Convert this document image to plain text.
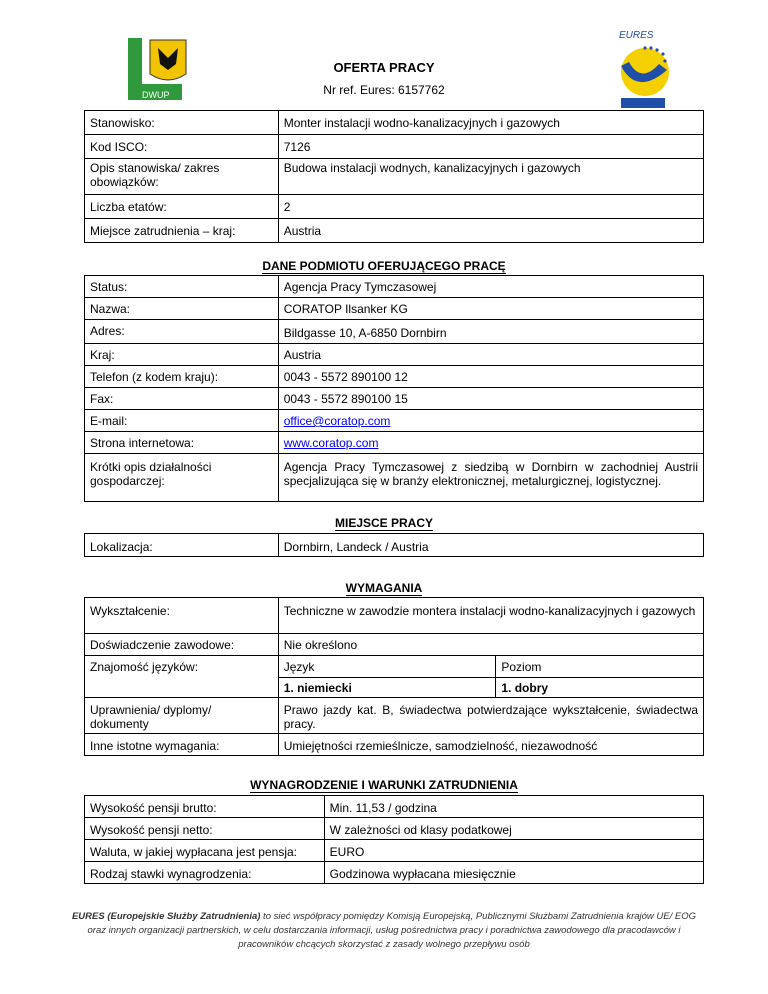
DWUP
EURES
OFERTA PRACY
Nr ref. Eures: 6157762
Stanowisko:	Monter instalacji wodno-kanalizacyjnych i gazowych
Kod ISCO:	7126
Opis stanowiska/ zakres obowiązków:	Budowa instalacji wodnych, kanalizacyjnych i gazowych
Liczba etatów:	2
Miejsce zatrudnienia – kraj:	Austria
DANE PODMIOTU OFERUJĄCEGO PRACĘ
Status:	Agencja Pracy Tymczasowej
Nazwa:	CORATOP Ilsanker KG
Adres:	Bildgasse 10, A-6850 Dornbirn
Kraj:	Austria
Telefon (z kodem kraju):	0043 - 5572 890100 12
Fax:	0043 - 5572 890100 15
E-mail:	office@coratop.com
Strona internetowa:	www.coratop.com
Krótki opis działalności gospodarczej:	Agencja Pracy Tymczasowej z siedzibą w Dornbirn w zachodniej Austrii specjalizująca się w branży elektronicznej, metalurgicznej, logistycznej.
MIEJSCE PRACY
Lokalizacja:	Dornbirn, Landeck / Austria
WYMAGANIA
Wykształcenie:	Techniczne w zawodzie montera instalacji wodno-kanalizacyjnych i gazowych	
Doświadczenie zawodowe:	Nie określono	
Znajomość języków:	Język	Poziom
	1. niemiecki	1. dobry
Uprawnienia/ dyplomy/ dokumenty	Prawo jazdy kat. B, świadectwa potwierdzające wykształcenie, świadectwa pracy.	
Inne istotne wymagania:	Umiejętności rzemieślnicze, samodzielność, niezawodność	
WYNAGRODZENIE I WARUNKI ZATRUDNIENIA
Wysokość pensji brutto:	Min. 11,53 / godzina
Wysokość pensji netto:	W zależności od klasy podatkowej
Waluta, w jakiej wypłacana jest pensja:	EURO
Rodzaj stawki wynagrodzenia:	Godzinowa wypłacana miesięcznie
EURES (Europejskie Służby Zatrudnienia) to sieć współpracy pomiędzy Komisją Europejską, Publicznymi Służbami Zatrudnienia krajów UE/ EOG
oraz innych organizacji partnerskich, w celu dostarczania informacji, usług pośrednictwa pracy i poradnictwa zawodowego dla pracodawców i
pracowników chcących skorzystać z zasady wolnego przepływu osób
